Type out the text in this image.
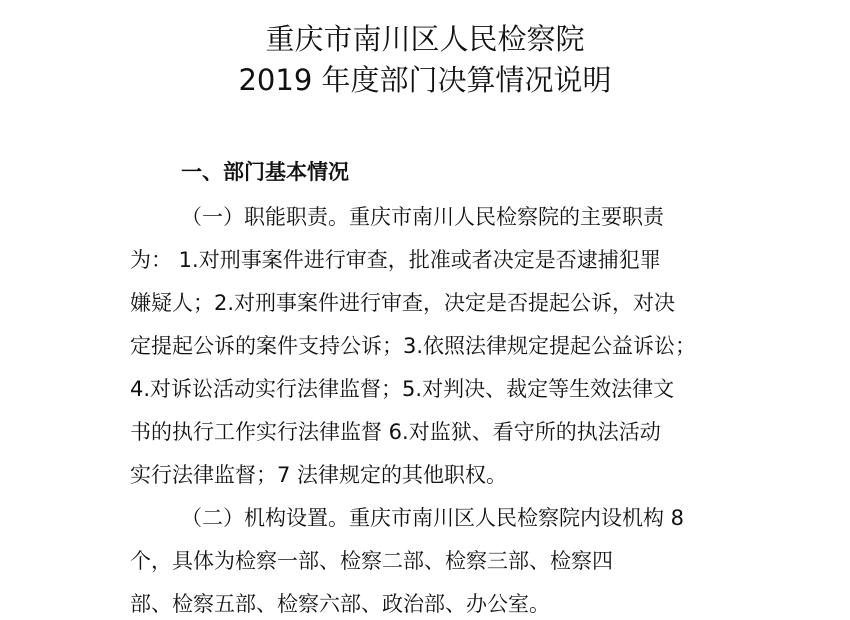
重庆市南川区人民检察院
2019 年度部门决算情况说明
一、部门基本情况
（一）职能职责。重庆市南川人民检察院的主要职责
为： 1.对刑事案件进行审查，批准或者决定是否逮捕犯罪
嫌疑人；2.对刑事案件进行审查，决定是否提起公诉，对决
定提起公诉的案件支持公诉；3.依照法律规定提起公益诉讼；
4.对诉讼活动实行法律监督；5.对判决、裁定等生效法律文
书的执行工作实行法律监督 6.对监狱、看守所的执法活动
实行法律监督；7 法律规定的其他职权。
（二）机构设置。重庆市南川区人民检察院内设机构 8
个，具体为检察一部、检察二部、检察三部、检察四
部、检察五部、检察六部、政治部、办公室。
